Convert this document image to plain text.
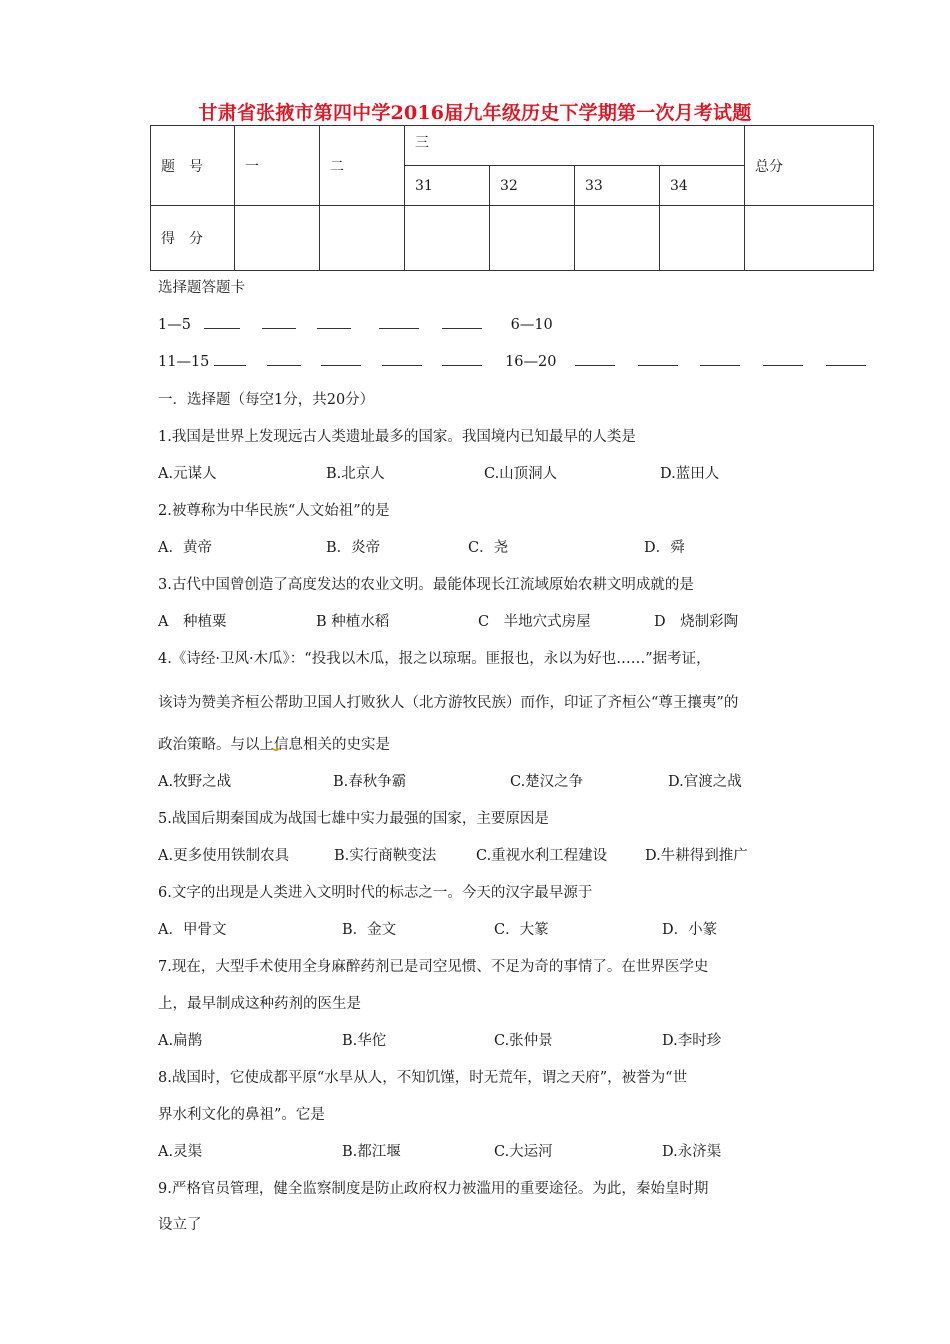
甘肃省张掖市第四中学2016届九年级历史下学期第一次月考试题
题　号	一	二	三				总分
			31	32	33	34	
得　分							
选择题答题卡
1—5	6—10
11—15	16—20
一．选择题（每空1分，共20分）
1.我国是世界上发现远古人类遗址最多的国家。我国境内已知最早的人类是
A.元谋人	B.北京人	C.山顶洞人	D.蓝田人
2.被尊称为中华民族“人文始祖”的是
A．黄帝	B．炎帝	C．尧	D．舜
3.古代中国曾创造了高度发达的农业文明。最能体现长江流域原始农耕文明成就的是
A　种植粟	B 种植水稻	C　半地穴式房屋	D　烧制彩陶
4.《诗经·卫风·木瓜》：“投我以木瓜，报之以琼琚。匪报也，永以为好也……”据考证，
该诗为赞美齐桓公帮助卫国人打败狄人（北方游牧民族）而作，印证了齐桓公“尊王攘夷”的
政治策略。与以上信息相关的史实是
A.牧野之战	B.春秋争霸	C.楚汉之争	D.官渡之战
5.战国后期秦国成为战国七雄中实力最强的国家，主要原因是
A.更多使用铁制农具	B.实行商鞅变法	C.重视水利工程建设	D.牛耕得到推广
6.文字的出现是人类进入文明时代的标志之一。今天的汉字最早源于
A．甲骨文	B．金文	C．大篆	D．小篆
7.现在，大型手术使用全身麻醉药剂已是司空见惯、不足为奇的事情了。在世界医学史
上，最早制成这种药剂的医生是
A.扁鹊	B.华佗	C.张仲景	D.李时珍
8.战国时，它使成都平原“水旱从人，不知饥馑，时无荒年，谓之天府”，被誉为“世
界水利文化的鼻祖”。它是
A.灵渠	B.都江堰	C.大运河	D.永济渠
9.严格官员管理，健全监察制度是防止政府权力被滥用的重要途径。为此，秦始皇时期
设立了
